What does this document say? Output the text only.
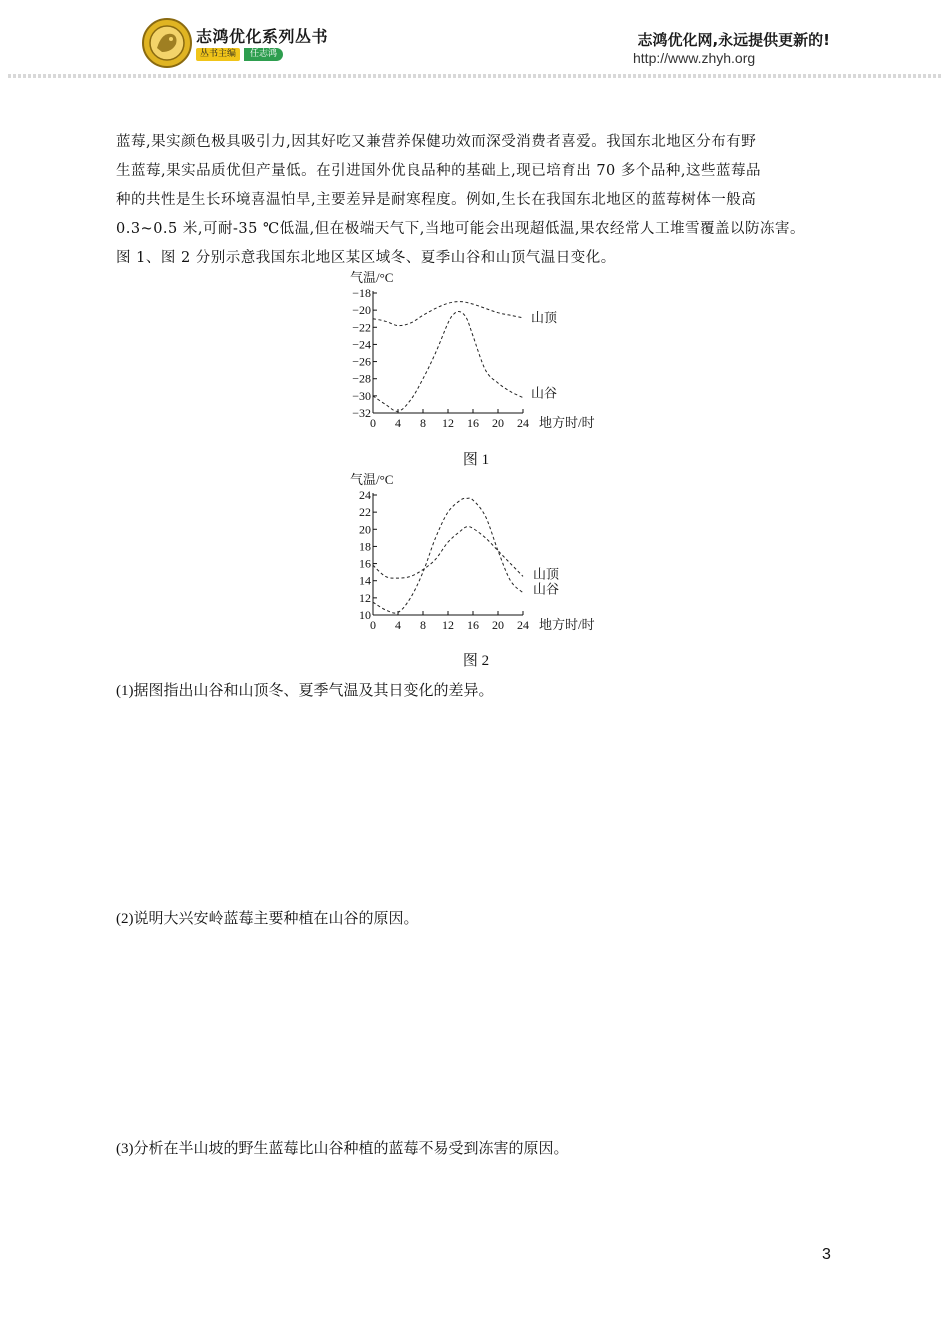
志鸿优化系列丛书
丛书主编	任志鸿
志鸿优化网,永远提供更新的!
http://www.zhyh.org

蓝莓,果实颜色极具吸引力,因其好吃又兼营养保健功效而深受消费者喜爱。我国东北地区分布有野

生蓝莓,果实品质优但产量低。在引进国外优良品种的基础上,现已培育出 70 多个品种,这些蓝莓品

种的共性是生长环境喜温怕旱,主要差异是耐寒程度。例如,生长在我国东北地区的蓝莓树体一般高

0.3~0.5 米,可耐-35 ℃低温,但在极端天气下,当地可能会出现超低温,果农经常人工堆雪覆盖以防冻害。

图 1、图 2 分别示意我国东北地区某区域冬、夏季山谷和山顶气温日变化。

气温/°C
−18
−20
−22
−24
−26
−28
−30
−32
0 4 8 12 16 20 24 地方时/时
山顶
山谷
图 1
气温/°C
24
22
20
18
16
14
12
10
0 4 8 12 16 20 24 地方时/时
山顶
山谷
图 2
(1)据图指出山谷和山顶冬、夏季气温及其日变化的差异。
(2)说明大兴安岭蓝莓主要种植在山谷的原因。
(3)分析在半山坡的野生蓝莓比山谷种植的蓝莓不易受到冻害的原因。
3
